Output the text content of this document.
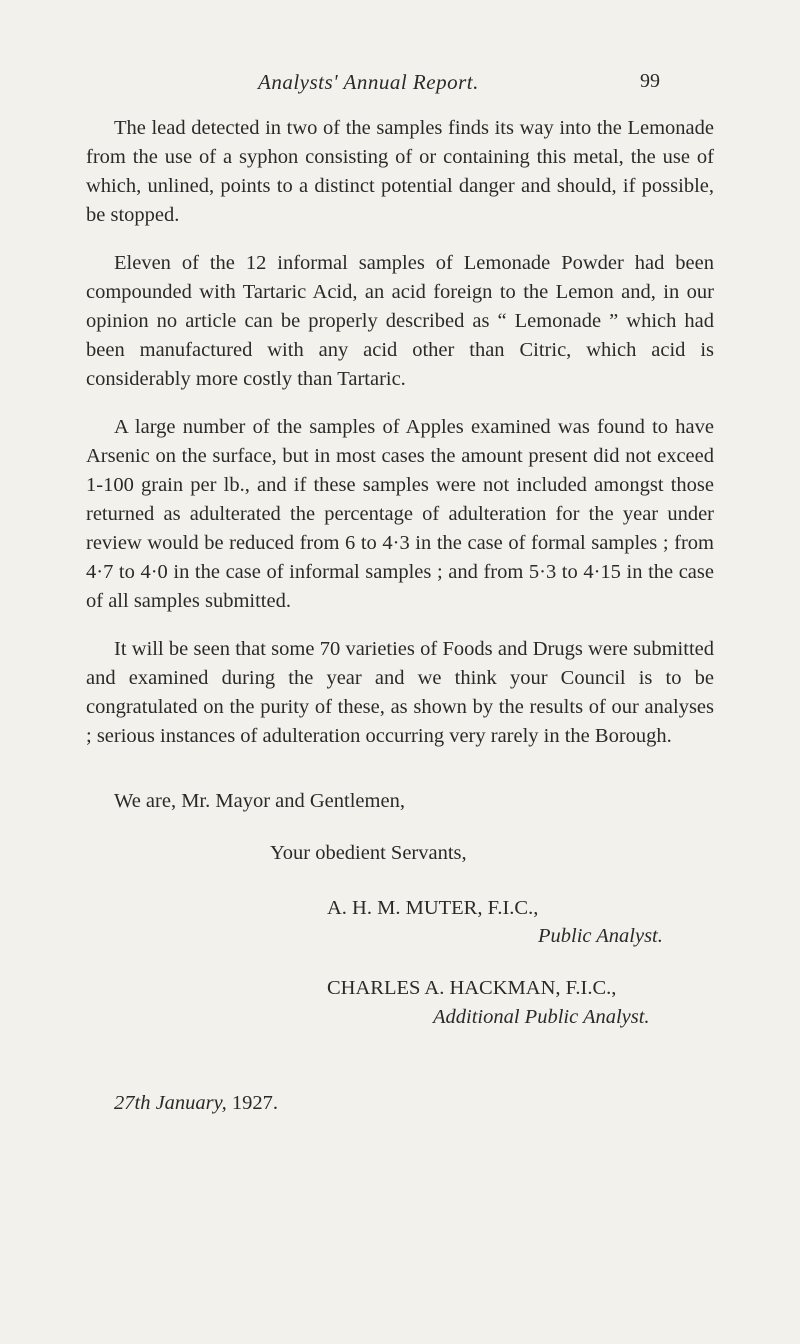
Analysts' Annual Report.	99

The lead detected in two of the samples finds its way into the Lemonade from the use of a syphon consisting of or containing this metal, the use of which, unlined, points to a distinct potential danger and should, if possible, be stopped.

Eleven of the 12 informal samples of Lemonade Powder had been compounded with Tartaric Acid, an acid foreign to the Lemon and, in our opinion no article can be properly described as “ Lemonade ” which had been manufactured with any acid other than Citric, which acid is considerably more costly than Tartaric.

A large number of the samples of Apples examined was found to have Arsenic on the surface, but in most cases the amount present did not exceed 1-100 grain per lb., and if these samples were not included amongst those returned as adulterated the percentage of adulteration for the year under review would be reduced from 6 to 4·3 in the case of formal samples ; from 4·7 to 4·0 in the case of informal samples ; and from 5·3 to 4·15 in the case of all samples submitted.

It will be seen that some 70 varieties of Foods and Drugs were submitted and examined during the year and we think your Council is to be congratulated on the purity of these, as shown by the results of our analyses ; serious instances of adulteration occurring very rarely in the Borough.

We are, Mr. Mayor and Gentlemen,
Your obedient Servants,
A. H. M. MUTER, F.I.C.,
Public Analyst.
CHARLES A. HACKMAN, F.I.C.,
Additional Public Analyst.
27th January, 1927.
